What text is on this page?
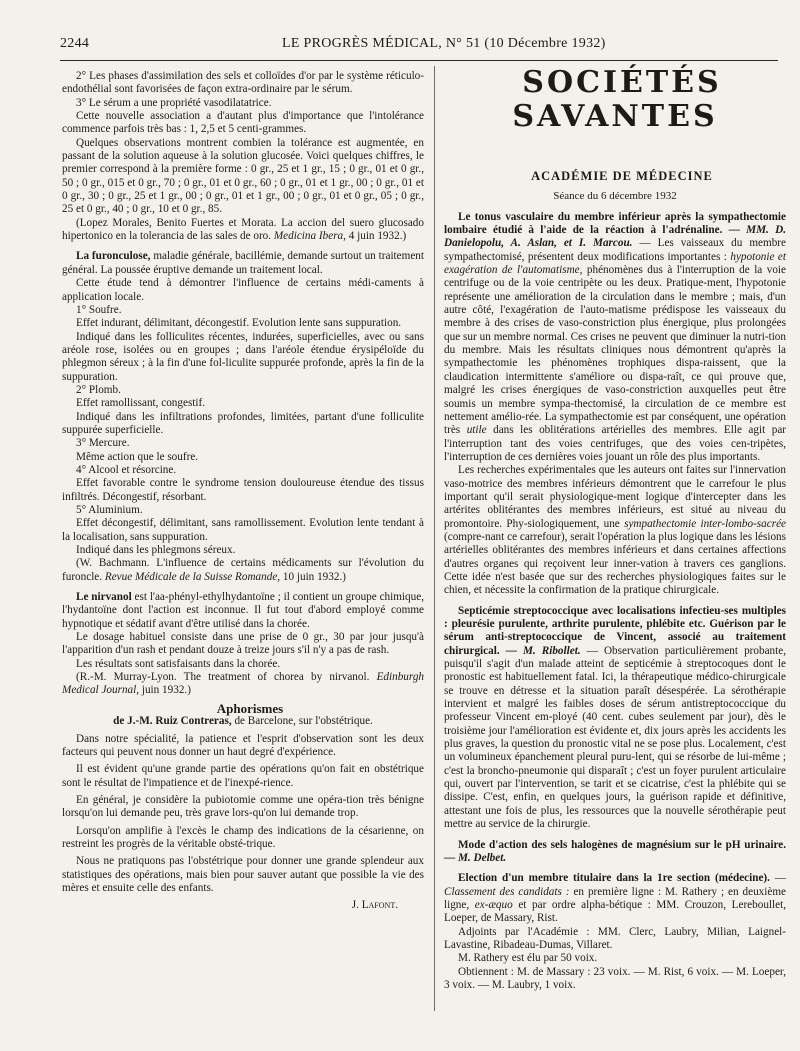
2244	LE PROGRÈS MÉDICAL, N° 51 (10 Décembre 1932)

2° Les phases d'assimilation des sels et colloïdes d'or par le système réticulo-endothélial sont favorisées de façon extra-ordinaire par le sérum.

3° Le sérum a une propriété vasodilatatrice.

Cette nouvelle association a d'autant plus d'importance que l'intolérance commence parfois très bas : 1, 2,5 et 5 centi-grammes.

Quelques observations montrent combien la tolérance est augmentée, en passant de la solution aqueuse à la solution glucosée. Voici quelques chiffres, le premier correspond à la première forme : 0 gr., 25 et 1 gr., 15 ; 0 gr., 01 et 0 gr., 50 ; 0 gr., 015 et 0 gr., 70 ; 0 gr., 01 et 0 gr., 60 ; 0 gr., 01 et 1 gr., 00 ; 0 gr., 01 et 0 gr., 30 ; 0 gr., 25 et 1 gr., 00 ; 0 gr., 01 et 1 gr., 00 ; 0 gr., 01 et 0 gr., 05 ; 0 gr., 25 et 0 gr., 40 ; 0 gr., 10 et 0 gr., 85.

(Lopez Morales, Benito Fuertes et Morata. La accion del suero glucosado hipertonico en la tolerancia de las sales de oro. Medicina Ibera, 4 juin 1932.)

La furonculose, maladie générale, bacillémie, demande surtout un traitement général. La poussée éruptive demande un traitement local.

Cette étude tend à démontrer l'influence de certains médi-caments à application locale.

1° Soufre.

Effet indurant, délimitant, décongestif. Evolution lente sans suppuration.

Indiqué dans les folliculites récentes, indurées, superficielles, avec ou sans aréole rose, isolées ou en groupes ; dans l'aréole étendue érysipéloïde du phlegmon séreux ; à la fin d'une fol-liculite suppurée profonde, après la fin de la suppuration.

2° Plomb.

Effet ramollissant, congestif.

Indiqué dans les infiltrations profondes, limitées, partant d'une folliculite suppurée superficielle.

3° Mercure.

Même action que le soufre.

4° Alcool et résorcine.

Effet favorable contre le syndrome tension douloureuse étendue des tissus infiltrés. Décongestif, résorbant.

5° Aluminium.

Effet décongestif, délimitant, sans ramollissement. Evolution lente tendant à la localisation, sans suppuration.

Indiqué dans les phlegmons séreux.

(W. Bachmann. L'influence de certains médicaments sur l'évolution du furoncle. Revue Médicale de la Suisse Romande, 10 juin 1932.)

Le nirvanol est l'aa-phényl-ethylhydantoïne ; il contient un groupe chimique, l'hydantoïne dont l'action est inconnue. Il fut tout d'abord employé comme hypnotique et sédatif avant d'être utilisé dans la chorée.

Le dosage habituel consiste dans une prise de 0 gr., 30 par jour jusqu'à l'apparition d'un rash et pendant douze à treize jours s'il n'y a pas de rash.

Les résultats sont satisfaisants dans la chorée.

(R.-M. Murray-Lyon. The treatment of chorea by nirvanol. Edinburgh Medical Journal, juin 1932.)

Aphorismes

de J.-M. Ruiz Contreras, de Barcelone, sur l'obstétrique.

Dans notre spécialité, la patience et l'esprit d'observation sont les deux facteurs qui peuvent nous donner un haut degré d'expérience.

Il est évident qu'une grande partie des opérations qu'on fait en obstétrique sont le résultat de l'impatience et de l'inexpé-rience.

En général, je considère la pubiotomie comme une opéra-tion très bénigne lorsqu'on lui demande peu, très grave lors-qu'on lui demande trop.

Lorsqu'on amplifie à l'excès le champ des indications de la césarienne, on restreint les progrès de la véritable obsté-trique.

Nous ne pratiquons pas l'obstétrique pour donner une grande splendeur aux statistiques des opérations, mais bien pour sauver autant que possible la vie des mères et ensuite celle des enfants.

J. Lafont.

SOCIÉTÉS SAVANTES

ACADÉMIE DE MÉDECINE

Séance du 6 décembre 1932

Le tonus vasculaire du membre inférieur après la sympathectomie lombaire étudié à l'aide de la réaction à l'adrénaline. — MM. D. Danielopolu, A. Aslan, et I. Marcou. — Les vaisseaux du membre sympathectomisé, présentent deux modifications importantes : hypotonie et exagération de l'automatisme, phénomènes dus à l'interruption de la voie centrifuge ou de la voie centripète ou les deux. Pratique-ment, l'hypotonie représente une amélioration de la circulation dans le membre ; mais, d'un autre côté, l'exagération de l'auto-matisme prédispose les vaisseaux du membre à des crises de vaso-constriction plus énergique, plus prolongées que sur un membre normal. Ces crises ne peuvent que diminuer la nutri-tion du membre. Mais les résultats cliniques nous démontrent qu'après la sympathectomie les phénomènes trophiques dispa-raissent, que la claudication intermittente s'améliore ou dispa-raît, ce qui prouve que, malgré les crises énergiques de vaso-constriction auxquelles peut être soumis un membre sympa-thectomisé, la circulation de ce membre est nettement amélio-rée. La sympathectomie est par conséquent, une opération très utile dans les oblitérations artérielles des membres. Elle agit par l'interruption tant des voies centrifuges, que des voies cen-tripètes, l'interruption de ces dernières voies jouant un rôle des plus importants.

Les recherches expérimentales que les auteurs ont faites sur l'innervation vaso-motrice des membres inférieurs démontrent que le carrefour le plus important qu'il serait physiologique-ment logique d'intercepter dans les artérites oblitérantes des membres inférieurs, est situé au niveau du promontoire. Phy-siologiquement, une sympathectomie inter-lombo-sacrée (compre-nant ce carrefour), serait l'opération la plus logique dans les lésions artérielles oblitérantes des membres inférieurs et dans certaines affections d'autres organes qui reçoivent leur inner-vation à travers ces ganglions. Cette idée n'est basée que sur des recherches physiologiques faites sur le chien, et nécessite la confirmation de la pratique chirurgicale.

Septicémie streptococcique avec localisations infectieu-ses multiples : pleurésie purulente, arthrite purulente, phlébite etc. Guérison par le sérum anti-streptococcique de Vincent, associé au traitement chirurgical. — M. Ribollet. — Observation particulièrement probante, puisqu'il s'agit d'un malade atteint de septicémie à streptocoques dont le pronostic est habituellement fatal. Ici, la thérapeutique médico-chirurgicale se trouve en détresse et la situation paraît désespérée. La sérothérapie intervient et malgré les faibles doses de sérum antistreptococcique du professeur Vincent em-ployé (40 cent. cubes seulement par jour), dès le troisième jour l'amélioration est évidente et, dix jours après les accidents les plus graves, la question du pronostic vital ne se pose plus. Localement, c'est un volumineux épanchement pleural puru-lent, qui se résorbe de lui-même ; c'est la broncho-pneumonie qui disparaît ; c'est un foyer purulent articulaire qui, ouvert par l'intervention, se tarit et se cicatrise, c'est la phlébite qui se dissipe. C'est, enfin, en quelques jours, la guérison rapide et définitive, attestant une fois de plus, les ressources que la nouvelle sérothérapie peut mettre au service de la chirurgie.

Mode d'action des sels halogènes de magnésium sur le pH urinaire. — M. Delbet.

Election d'un membre titulaire dans la 1re section (médecine). — Classement des candidats : en première ligne : M. Rathery ; en deuxième ligne, ex-æquo et par ordre alpha-bétique : MM. Crouzon, Lereboullet, Loeper, de Massary, Rist.

Adjoints par l'Académie : MM. Clerc, Laubry, Milian, Laignel-Lavastine, Ribadeau-Dumas, Villaret.

M. Rathery est élu par 50 voix.

Obtiennent : M. de Massary : 23 voix. — M. Rist, 6 voix. — M. Loeper, 3 voix. — M. Laubry, 1 voix.
